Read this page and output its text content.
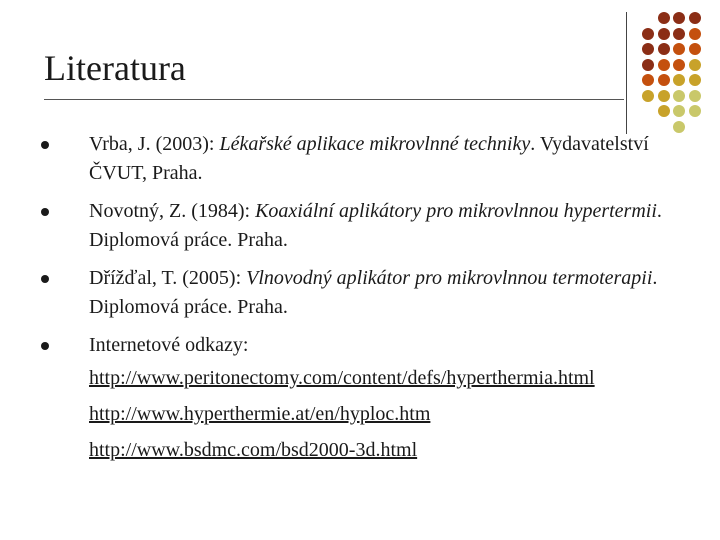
Literatura
Vrba, J. (2003): Lékařské aplikace mikrovlnné techniky. Vydavatelství ČVUT, Praha.
Novotný, Z. (1984): Koaxiální aplikátory pro mikrovlnnou hypertermii. Diplomová práce. Praha.
Dřížďal, T. (2005): Vlnovodný aplikátor pro mikrovlnnou termoterapii. Diplomová práce. Praha.
Internetové odkazy:
http://www.peritonectomy.com/content/defs/hyperthermia.html
http://www.hyperthermie.at/en/hyploc.htm
http://www.bsdmc.com/bsd2000-3d.html
